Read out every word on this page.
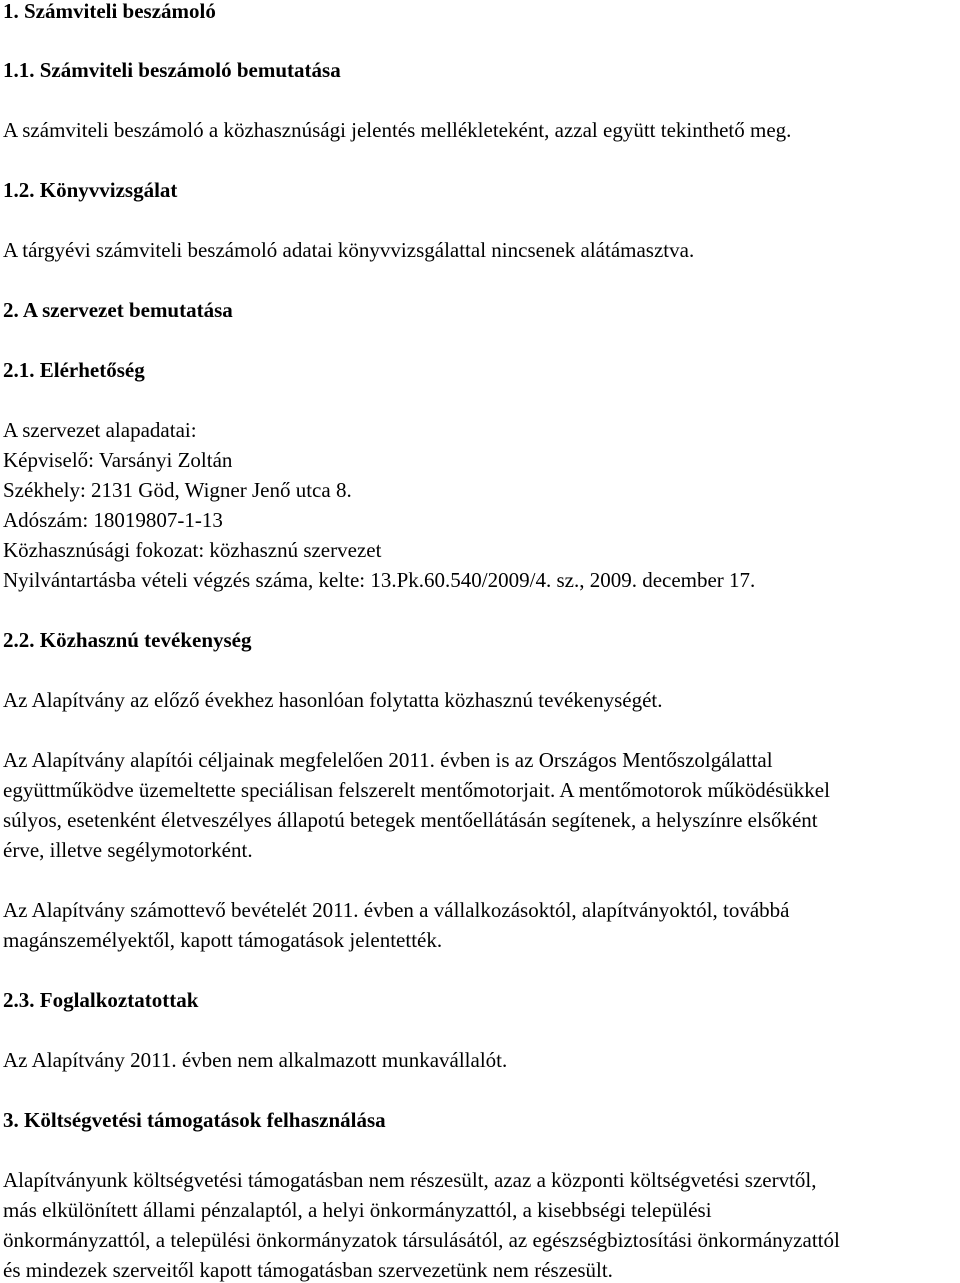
1. Számviteli beszámoló

1.1. Számviteli beszámoló bemutatása

A számviteli beszámoló a közhasznúsági jelentés mellékleteként, azzal együtt tekinthető meg.

1.2. Könyvvizsgálat

A tárgyévi számviteli beszámoló adatai könyvvizsgálattal nincsenek alátámasztva.

2. A szervezet bemutatása

2.1. Elérhetőség

A szervezet alapadatai:

Képviselő: Varsányi Zoltán

Székhely: 2131 Göd, Wigner Jenő utca 8.

Adószám: 18019807-1-13

Közhasznúsági fokozat: közhasznú szervezet

Nyilvántartásba vételi végzés száma, kelte: 13.Pk.60.540/2009/4. sz., 2009. december 17.

2.2. Közhasznú tevékenység

Az Alapítvány az előző évekhez hasonlóan folytatta közhasznú tevékenységét.

Az Alapítvány alapítói céljainak megfelelően 2011. évben is az Országos Mentőszolgálattal

együttműködve üzemeltette speciálisan felszerelt mentőmotorjait. A mentőmotorok működésükkel

súlyos, esetenként életveszélyes állapotú betegek mentőellátásán segítenek, a helyszínre elsőként

érve, illetve segélymotorként.

Az Alapítvány számottevő bevételét 2011. évben a vállalkozásoktól, alapítványoktól, továbbá

magánszemélyektől, kapott támogatások jelentették.

2.3. Foglalkoztatottak

Az Alapítvány 2011. évben nem alkalmazott munkavállalót.

3. Költségvetési támogatások felhasználása

Alapítványunk költségvetési támogatásban nem részesült, azaz a központi költségvetési szervtől,

más elkülönített állami pénzalaptól, a helyi önkormányzattól, a kisebbségi települési

önkormányzattól, a települési önkormányzatok társulásától, az egészségbiztosítási önkormányzattól

és mindezek szerveitől kapott támogatásban szervezetünk nem részesült.
